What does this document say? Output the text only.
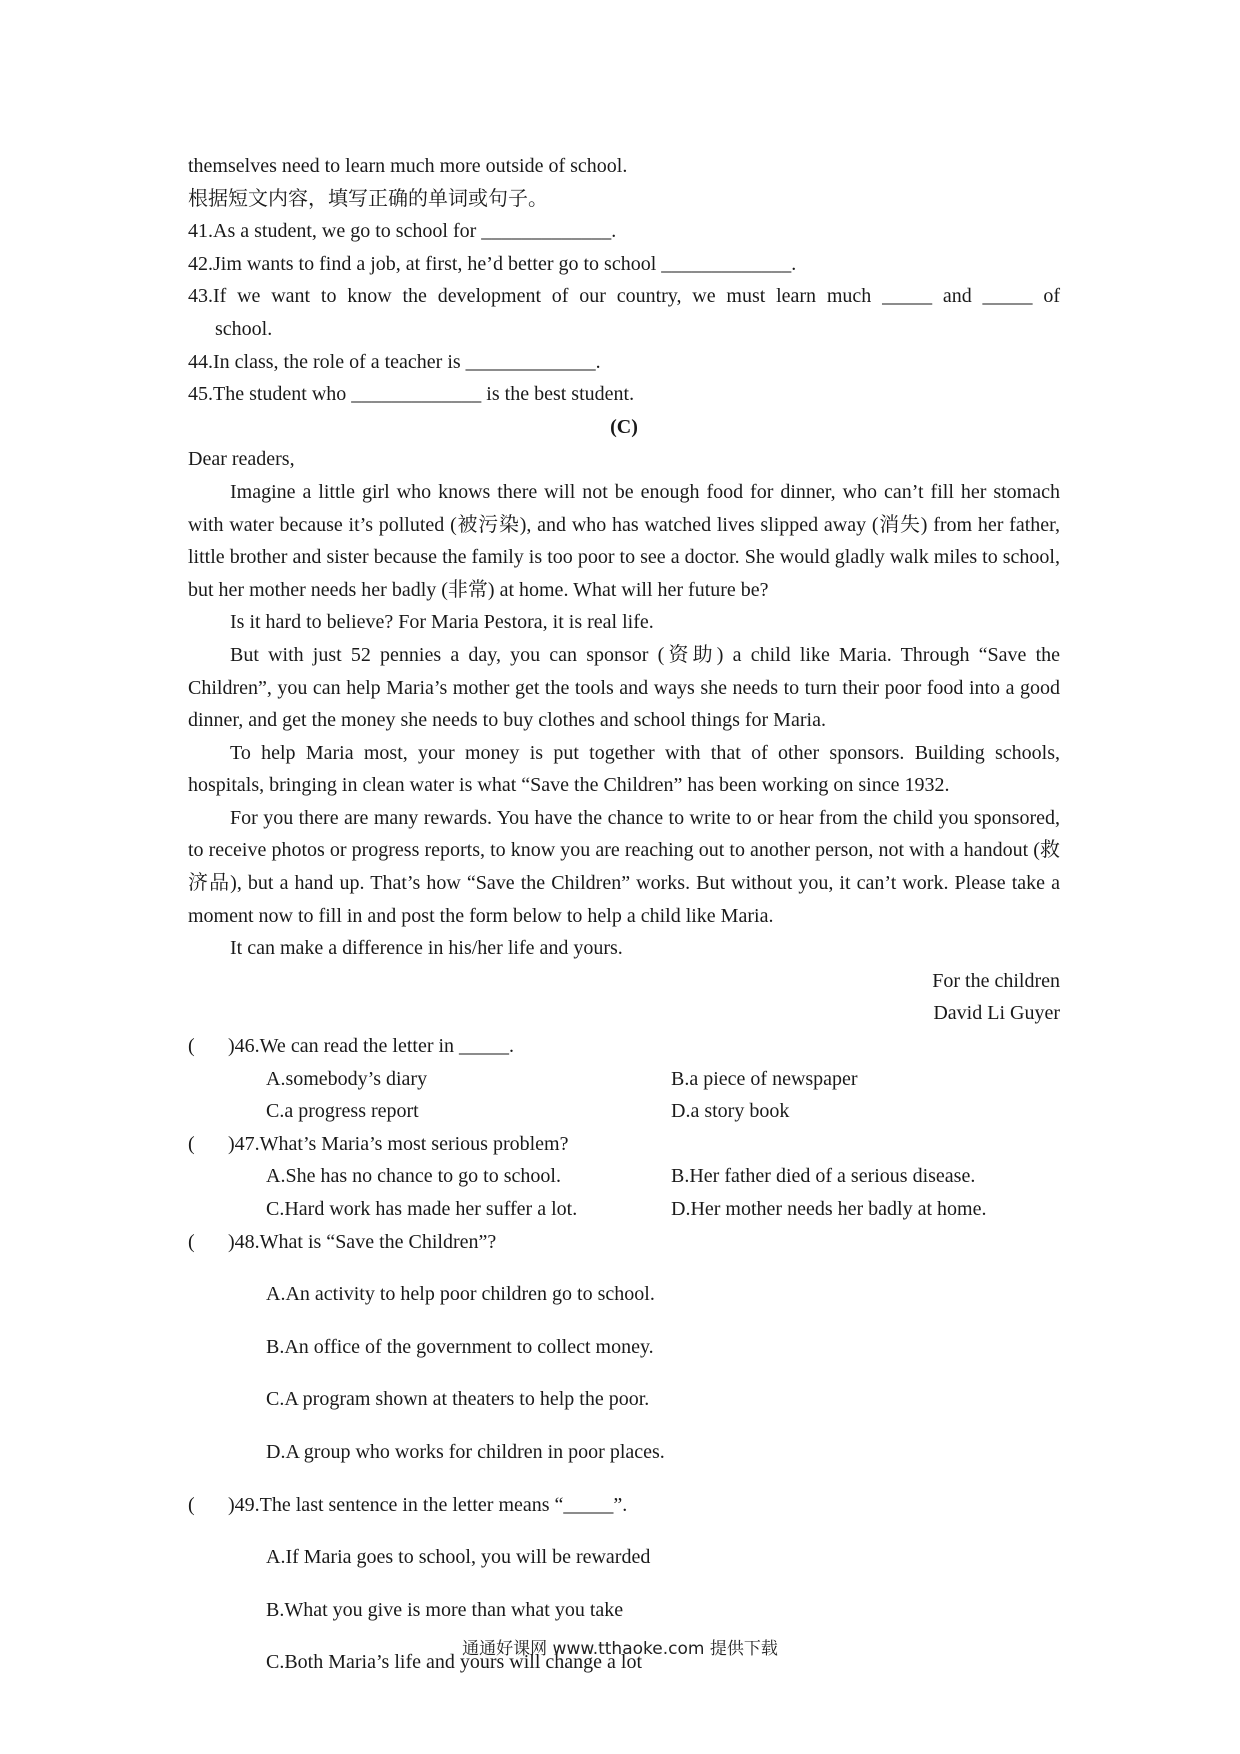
themselves need to learn much more outside of school.

根据短文内容，填写正确的单词或句子。

41.As a student, we go to school for _____________.

42.Jim wants to find a job, at first, he’d better go to school _____________.

43.If we want to know the development of our country, we must learn much _____ and _____ of

school.

44.In class, the role of a teacher is _____________.

45.The student who _____________ is the best student.

(C)

Dear readers,

Imagine a little girl who knows there will not be enough food for dinner, who can’t fill her stomach with water because it’s polluted (被污染), and who has watched lives slipped away (消失) from her father, little brother and sister because the family is too poor to see a doctor. She would gladly walk miles to school, but her mother needs her badly (非常) at home. What will her future be?

Is it hard to believe? For Maria Pestora, it is real life.

But with just 52 pennies a day, you can sponsor (资助) a child like Maria. Through “Save the Children”, you can help Maria’s mother get the tools and ways she needs to turn their poor food into a good dinner, and get the money she needs to buy clothes and school things for Maria.

To help Maria most, your money is put together with that of other sponsors. Building schools, hospitals, bringing in clean water is what “Save the Children” has been working on since 1932.

For you there are many rewards. You have the chance to write to or hear from the child you sponsored, to receive photos or progress reports, to know you are reaching out to another person, not with a handout (救济品), but a hand up. That’s how “Save the Children” works. But without you, it can’t work. Please take a moment now to fill in and post the form below to help a child like Maria.

It can make a difference in his/her life and yours.

For the children

David Li Guyer

(	)46.We can read the letter in _____.
A.somebody’s diary	B.a piece of newspaper
C.a progress report	D.a story book
(	)47.What’s Maria’s most serious problem?
A.She has no chance to go to school.	B.Her father died of a serious disease.
C.Hard work has made her suffer a lot.	D.Her mother needs her badly at home.
(	)48.What is “Save the Children”?

A.An activity to help poor children go to school.

B.An office of the government to collect money.

C.A program shown at theaters to help the poor.

D.A group who works for children in poor places.

(	)49.The last sentence in the letter means “_____”.

A.If Maria goes to school, you will be rewarded

B.What you give is more than what you take

C.Both Maria’s life and yours will change a lot

通通好课网 www.tthaoke.com 提供下载
